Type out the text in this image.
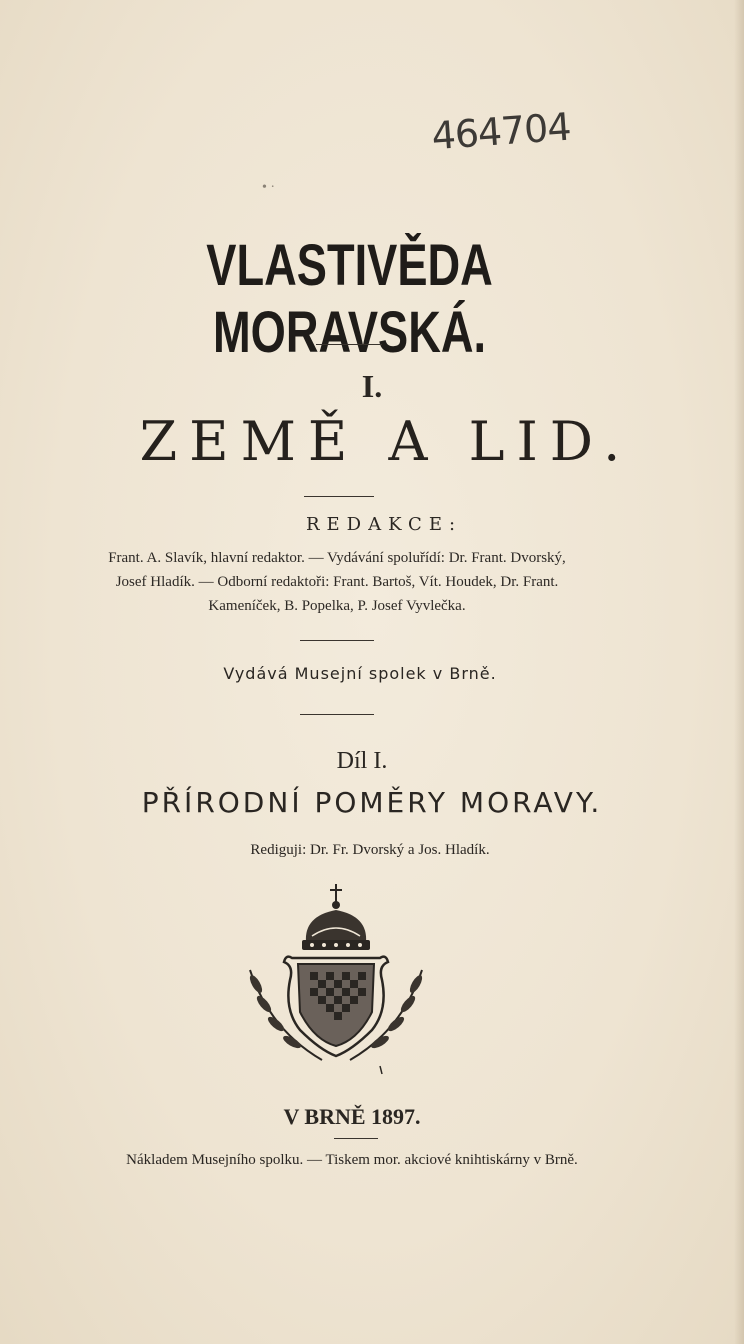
464704
• ·
VLASTIVĚDA MORAVSKÁ.
I.
ZEMĚ A LID.
REDAKCE:
Frant. A. Slavík, hlavní redaktor. — Vydávání spoluřídí: Dr. Frant. Dvorský,
Josef Hladík. — Odborní redaktoři: Frant. Bartoš, Vít. Houdek, Dr. Frant.
Kameníček, B. Popelka, P. Josef Vyvlečka.
Vydává Musejní spolek v Brně.
Díl I.
PŘÍRODNÍ POMĚRY MORAVY.
Rediguji: Dr. Fr. Dvorský a Jos. Hladík.
V BRNĚ 1897.
Nákladem Musejního spolku. — Tiskem mor. akciové knihtiskárny v Brně.
